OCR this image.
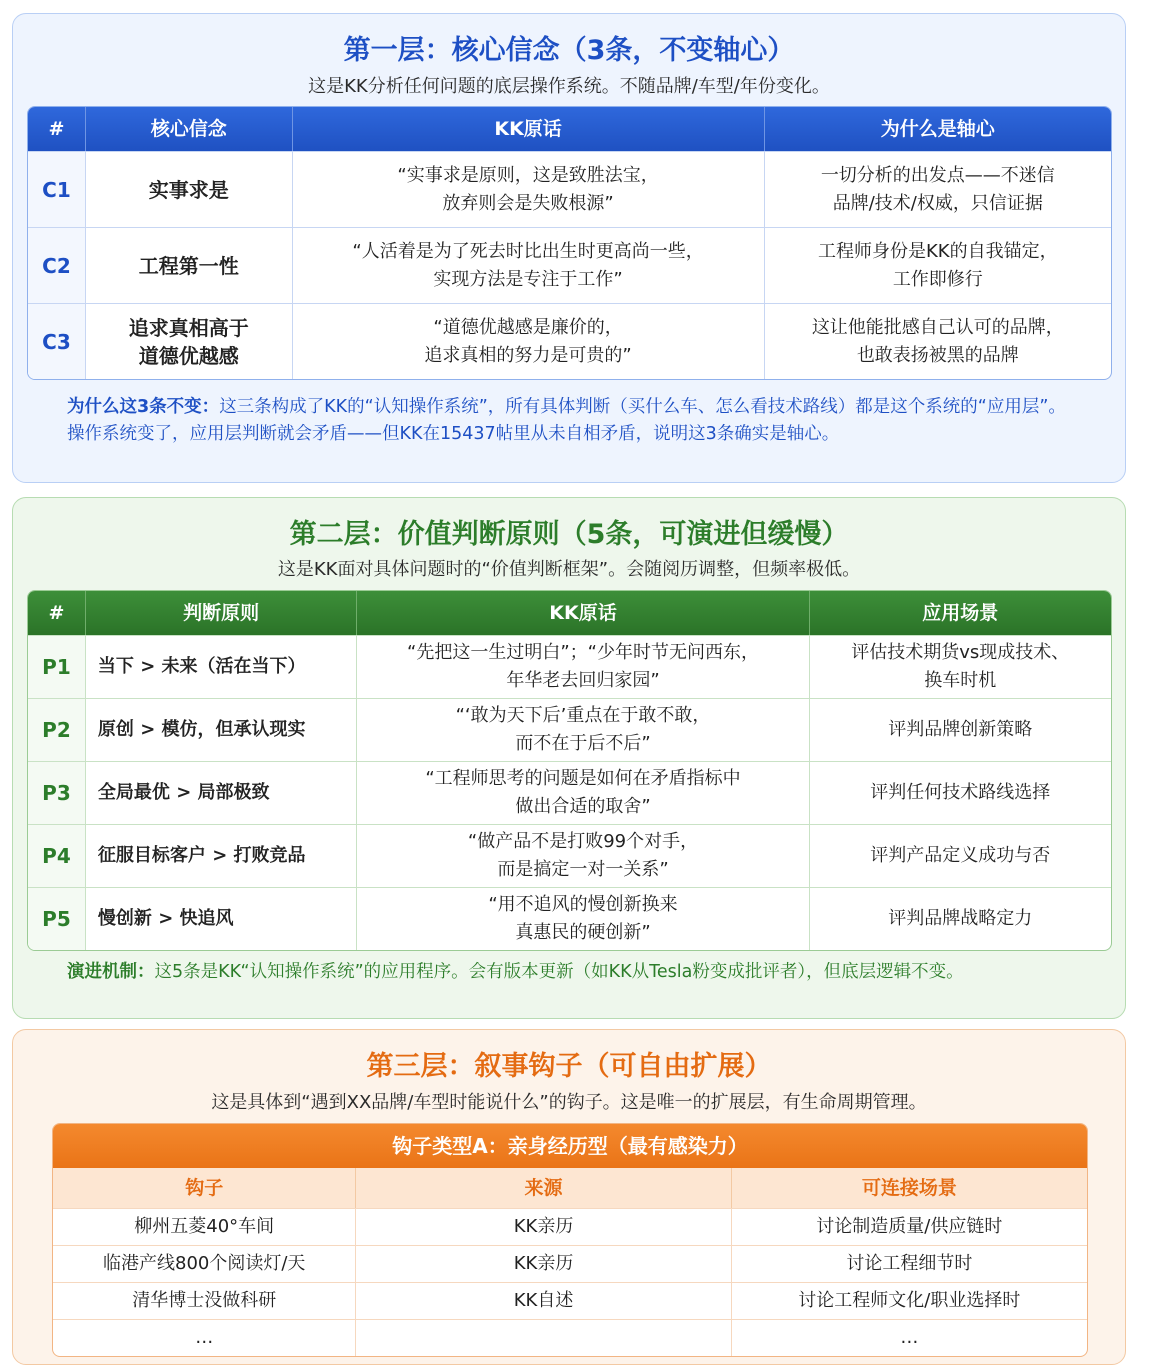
第一层：核心信念（3条，不变轴心）
这是KK分析任何问题的底层操作系统。不随品牌/车型/年份变化。
#	核心信念	KK原话	为什么是轴心
C1	实事求是	“实事求是原则，这是致胜法宝，
放弃则会是失败根源”	一切分析的出发点——不迷信
品牌/技术/权威，只信证据
C2	工程第一性	“人活着是为了死去时比出生时更高尚一些，
实现方法是专注于工作”	工程师身份是KK的自我锚定，
工作即修行
C3	追求真相高于
道德优越感	“道德优越感是廉价的，
追求真相的努力是可贵的”	这让他能批感自己认可的品牌，
也敢表扬被黑的品牌
为什么这3条不变：这三条构成了KK的“认知操作系统”，所有具体判断（买什么车、怎么看技术路线）都是这个系统的“应用层”。操作系统变了，应用层判断就会矛盾——但KK在15437帖里从未自相矛盾，说明这3条确实是轴心。
第二层：价值判断原则（5条，可演进但缓慢）
这是KK面对具体问题时的“价值判断框架”。会随阅历调整，但频率极低。
#	判断原则	KK原话	应用场景
P1	当下 > 未来（活在当下）	“先把这一生过明白”；“少年时节无问西东，
年华老去回归家园”	评估技术期货vs现成技术、
换车时机
P2	原创 > 模仿，但承认现实	“‘敢为天下后’重点在于敢不敢，
而不在于后不后”	评判品牌创新策略
P3	全局最优 > 局部极致	“工程师思考的问题是如何在矛盾指标中
做出合适的取舍”	评判任何技术路线选择
P4	征服目标客户 > 打败竞品	“做产品不是打败99个对手，
而是搞定一对一关系”	评判产品定义成功与否
P5	慢创新 > 快追风	“用不追风的慢创新换来
真惠民的硬创新”	评判品牌战略定力
演进机制：这5条是KK“认知操作系统”的应用程序。会有版本更新（如KK从Tesla粉变成批评者），但底层逻辑不变。
第三层：叙事钩子（可自由扩展）
这是具体到“遇到XX品牌/车型时能说什么”的钩子。这是唯一的扩展层，有生命周期管理。
钩子类型A：亲身经历型（最有感染力）		
钩子	来源	可连接场景
柳州五菱40°车间	KK亲历	讨论制造质量/供应链时
临港产线800个阅读灯/天	KK亲历	讨论工程细节时
清华博士没做科研	KK自述	讨论工程师文化/职业选择时
…		…
